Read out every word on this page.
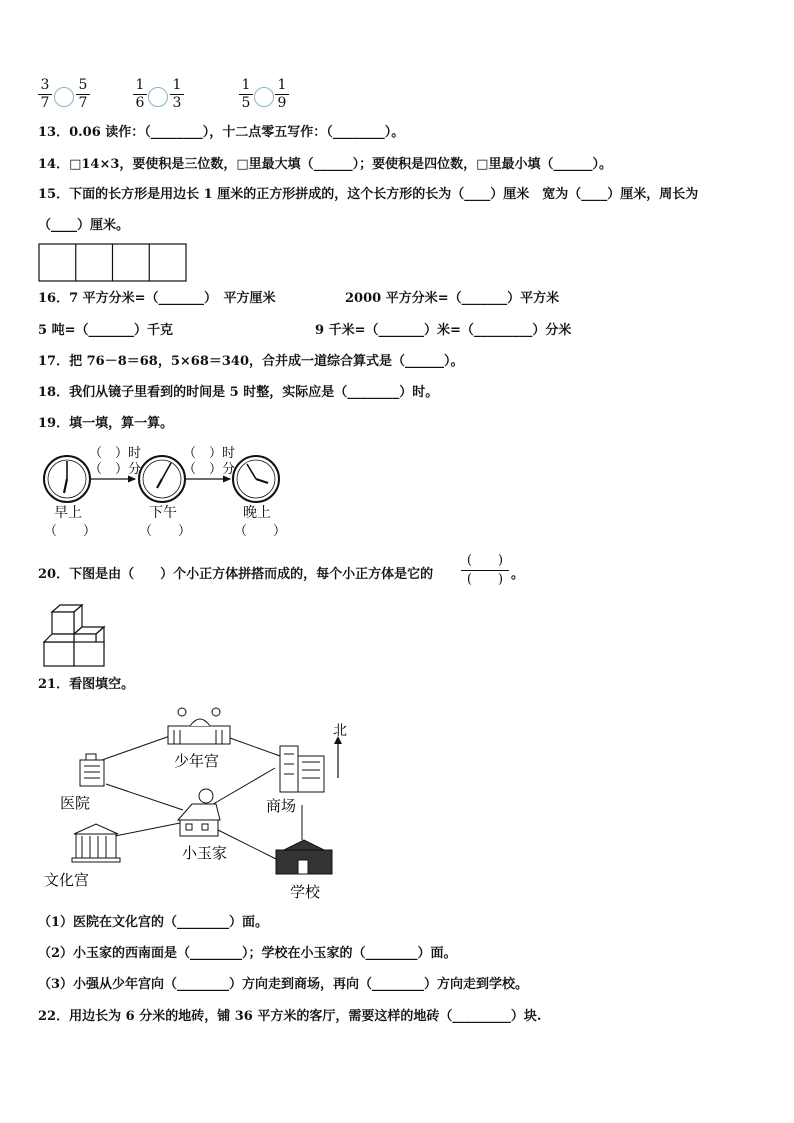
3
7
5
7
1
6
1
3
1
5
1
9
13．0.06 读作：（________），十二点零五写作：（________）。
14．□14×3，要使积是三位数，□里最大填（______）；要使积是四位数，□里最小填（______）。
15．下面的长方形是用边长 1 厘米的正方形拼成的，这个长方形的长为（____）厘米　宽为（____）厘米，周长为
（____）厘米。
16．7 平方分米=（_______）　平方厘米	2000 平方分米=（_______）平方米
5 吨=（_______）千克	9 千米=（_______）米=（_________）分米
17．把 76－8＝68，5×68＝340，合并成一道综合算式是（______）。
18．我们从镜子里看到的时间是 5 时整，实际应是（________）时。
19．填一填，算一算。
（　）时
（　）分
（　）时
（　）分
早上	下午	晚上
（　　）	（　　）	（　　）
20．下图是由（　　）个小正方体拼搭而成的，每个小正方体是它的
(　　)
(　　) 。
21．看图填空。
北
少年宫
医院	商场
小玉家
文化宫
学校
（1）医院在文化宫的（________）面。
（2）小玉家的西南面是（________）；学校在小玉家的（________）面。
（3）小强从少年宫向（________）方向走到商场，再向（________）方向走到学校。
22．用边长为 6 分米的地砖，铺 36 平方米的客厅，需要这样的地砖（_________）块.
